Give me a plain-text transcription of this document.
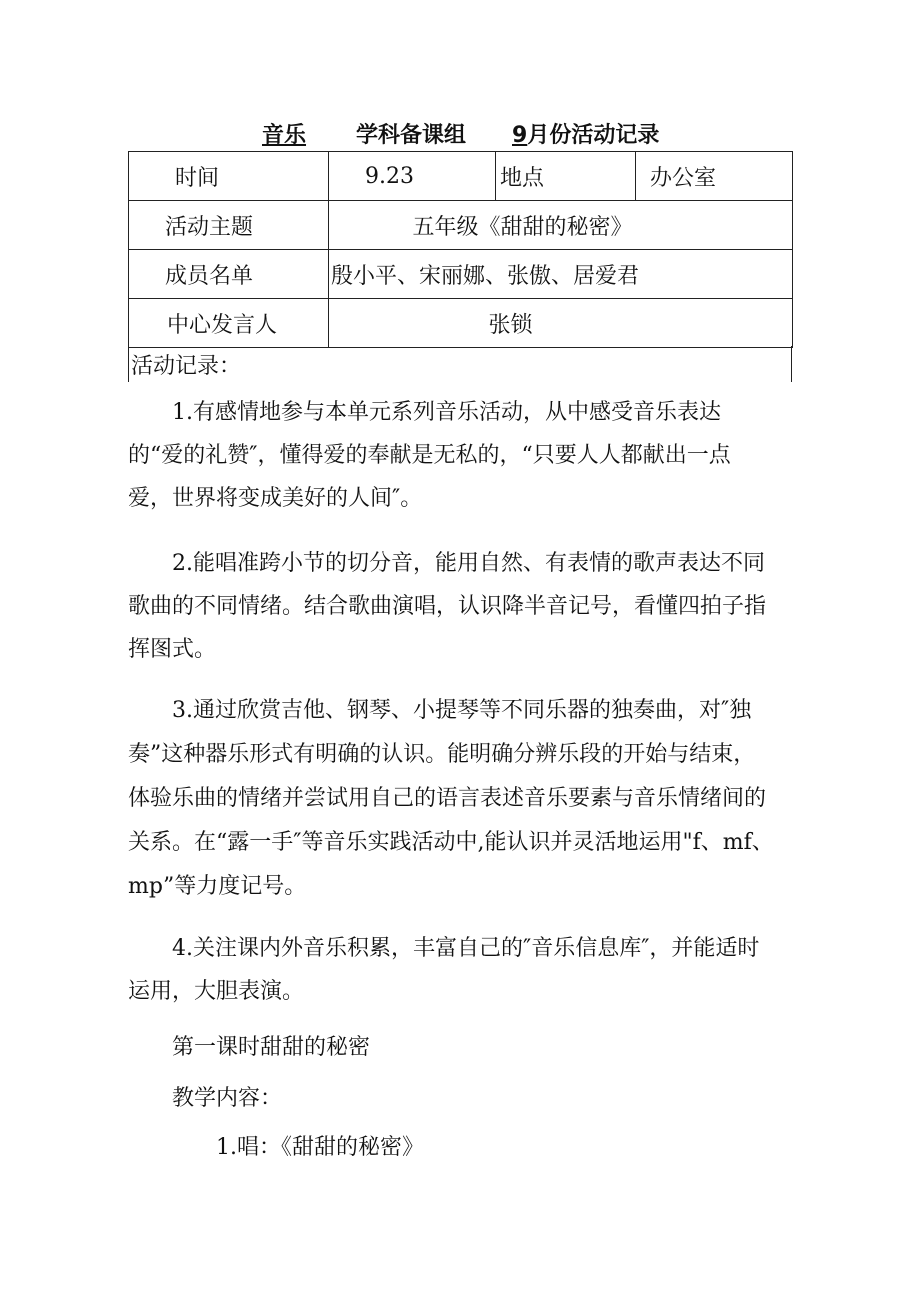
音乐 学科备课组 9月份活动记录
时间	9.23	地点	办公室
活动主题	五年级《甜甜的秘密》		
成员名单	殷小平、宋丽娜、张傲、居爱君		
中心发言人	张锁		
活动记录：

1.有感情地参与本单元系列音乐活动，从中感受音乐表达的“爱的礼赞″，懂得爱的奉献是无私的，“只要人人都献出一点爱，世界将变成美好的人间″。

2.能唱准跨小节的切分音，能用自然、有表情的歌声表达不同歌曲的不同情绪。结合歌曲演唱，认识降半音记号，看懂四拍子指挥图式。

3.通过欣赏吉他、钢琴、小提琴等不同乐器的独奏曲，对″独奏”这种器乐形式有明确的认识。能明确分辨乐段的开始与结束，体验乐曲的情绪并尝试用自己的语言表述音乐要素与音乐情绪间的关系。在“露一手″等音乐实践活动中,能认识并灵活地运用"f、mf、mp”等力度记号。

4.关注课内外音乐积累，丰富自己的″音乐信息库″，并能适时运用，大胆表演。

第一课时甜甜的秘密
教学内容：
1.唱：《甜甜的秘密》
